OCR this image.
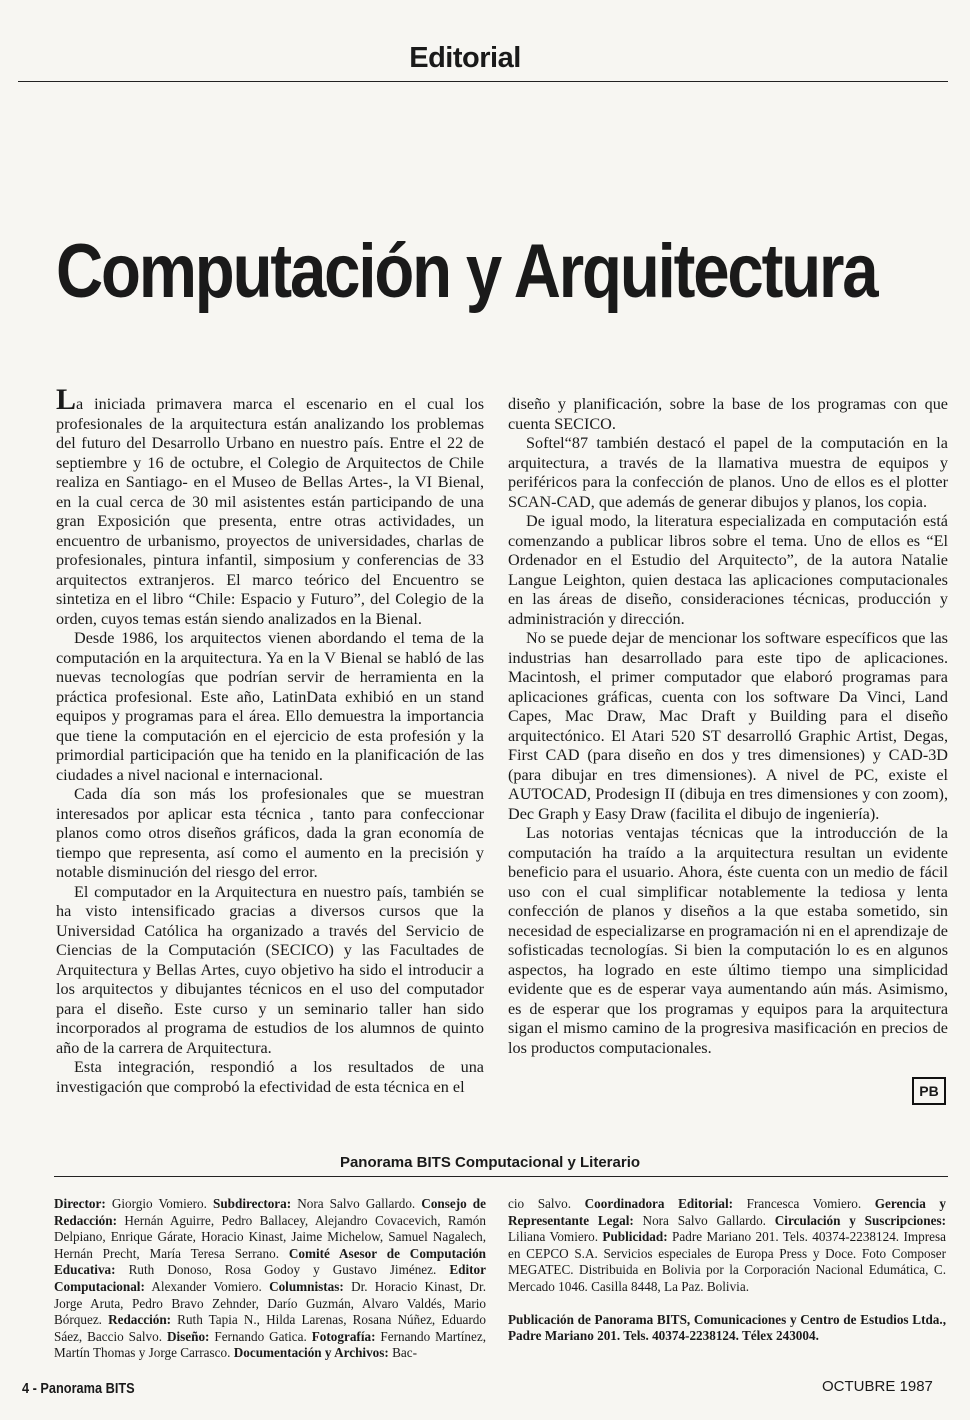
Editorial
Computación y Arquitectura

La iniciada primavera marca el escenario en el cual los profesionales de la arquitectura están analizando los problemas del futuro del Desarrollo Urbano en nuestro país. Entre el 22 de septiembre y 16 de octubre, el Colegio de Arquitectos de Chile realiza en Santiago- en el Museo de Bellas Artes-, la VI Bienal, en la cual cerca de 30 mil asistentes están participando de una gran Exposición que presenta, entre otras actividades, un encuentro de urbanismo, proyectos de universidades, charlas de profesionales, pintura infantil, simposium y conferencias de 33 arquitectos extranjeros. El marco teórico del Encuentro se sintetiza en el libro “Chile: Espacio y Futuro”, del Colegio de la orden, cuyos temas están siendo analizados en la Bienal.

Desde 1986, los arquitectos vienen abordando el tema de la computación en la arquitectura. Ya en la V Bienal se habló de las nuevas tecnologías que podrían servir de herramienta en la práctica profesional. Este año, LatinData exhibió en un stand equipos y programas para el área. Ello demuestra la importancia que tiene la computación en el ejercicio de esta profesión y la primordial participación que ha tenido en la planificación de las ciudades a nivel nacional e internacional.

Cada día son más los profesionales que se muestran interesados por aplicar esta técnica , tanto para confeccionar planos como otros diseños gráficos, dada la gran economía de tiempo que representa, así como el aumento en la precisión y notable disminución del riesgo del error.

El computador en la Arquitectura en nuestro país, también se ha visto intensificado gracias a diversos cursos que la Universidad Católica ha organizado a través del Servicio de Ciencias de la Computación (SECICO) y las Facultades de Arquitectura y Bellas Artes, cuyo objetivo ha sido el introducir a los arquitectos y dibujantes técnicos en el uso del computador para el diseño. Este curso y un seminario taller han sido incorporados al programa de estudios de los alumnos de quinto año de la carrera de Arquitectura.

Esta integración, respondió a los resultados de una investigación que comprobó la efectividad de esta técnica en el

diseño y planificación, sobre la base de los programas con que cuenta SECICO.

Softel“87 también destacó el papel de la computación en la arquitectura, a través de la llamativa muestra de equipos y periféricos para la confección de planos. Uno de ellos es el plotter SCAN-CAD, que además de generar dibujos y planos, los copia.

De igual modo, la literatura especializada en computación está comenzando a publicar libros sobre el tema. Uno de ellos es “El Ordenador en el Estudio del Arquitecto”, de la autora Natalie Langue Leighton, quien destaca las aplicaciones computacionales en las áreas de diseño, consideraciones técnicas, producción y administración y dirección.

No se puede dejar de mencionar los software específicos que las industrias han desarrollado para este tipo de aplicaciones. Macintosh, el primer computador que elaboró programas para aplicaciones gráficas, cuenta con los software Da Vinci, Land Capes, Mac Draw, Mac Draft y Building para el diseño arquitectónico. El Atari 520 ST desarrolló Graphic Artist, Degas, First CAD (para diseño en dos y tres dimensiones) y CAD-3D (para dibujar en tres dimensiones). A nivel de PC, existe el AUTOCAD, Prodesign II (dibuja en tres dimensiones y con zoom), Dec Graph y Easy Draw (facilita el dibujo de ingeniería).

Las notorias ventajas técnicas que la introducción de la computación ha traído a la arquitectura resultan un evidente beneficio para el usuario. Ahora, éste cuenta con un medio de fácil uso con el cual simplificar notablemente la tediosa y lenta confección de planos y diseños a la que estaba sometido, sin necesidad de especializarse en programación ni en el aprendizaje de sofisticadas tecnologías. Si bien la computación lo es en algunos aspectos, ha logrado en este último tiempo una simplicidad evidente que es de esperar vaya aumentando aún más. Asimismo, es de esperar que los programas y equipos para la arquitectura sigan el mismo camino de la progresiva masificación en precios de los productos computacionales.

PB
Panorama BITS Computacional y Literario
Director: Giorgio Vomiero. Subdirectora: Nora Salvo Gallardo. Consejo de Redacción: Hernán Aguirre, Pedro Ballacey, Alejandro Covacevich, Ramón Delpiano, Enrique Gárate, Horacio Kinast, Jaime Michelow, Samuel Nagalech, Hernán Precht, María Teresa Serrano. Comité Asesor de Computación Educativa: Ruth Donoso, Rosa Godoy y Gustavo Jiménez. Editor Computacional: Alexander Vomiero. Columnistas: Dr. Horacio Kinast, Dr. Jorge Aruta, Pedro Bravo Zehnder, Darío Guzmán, Alvaro Valdés, Mario Bórquez. Redacción: Ruth Tapia N., Hilda Larenas, Rosana Núñez, Eduardo Sáez, Baccio Salvo. Diseño: Fernando Gatica. Fotografía: Fernando Martínez, Martín Thomas y Jorge Carrasco. Documentación y Archivos: Bac-
cio Salvo. Coordinadora Editorial: Francesca Vomiero. Gerencia y Representante Legal: Nora Salvo Gallardo. Circulación y Suscripciones: Liliana Vomiero. Publicidad: Padre Mariano 201. Tels. 40374-2238124. Impresa en CEPCO S.A. Servicios especiales de Europa Press y Doce. Foto Composer MEGATEC. Distribuida en Bolivia por la Corporación Nacional Edumática, C. Mercado 1046. Casilla 8448, La Paz. Bolivia.
Publicación de Panorama BITS, Comunicaciones y Centro de Estudios Ltda., Padre Mariano 201. Tels. 40374-2238124. Télex 243004.
4 - Panorama BITS	OCTUBRE 1987
